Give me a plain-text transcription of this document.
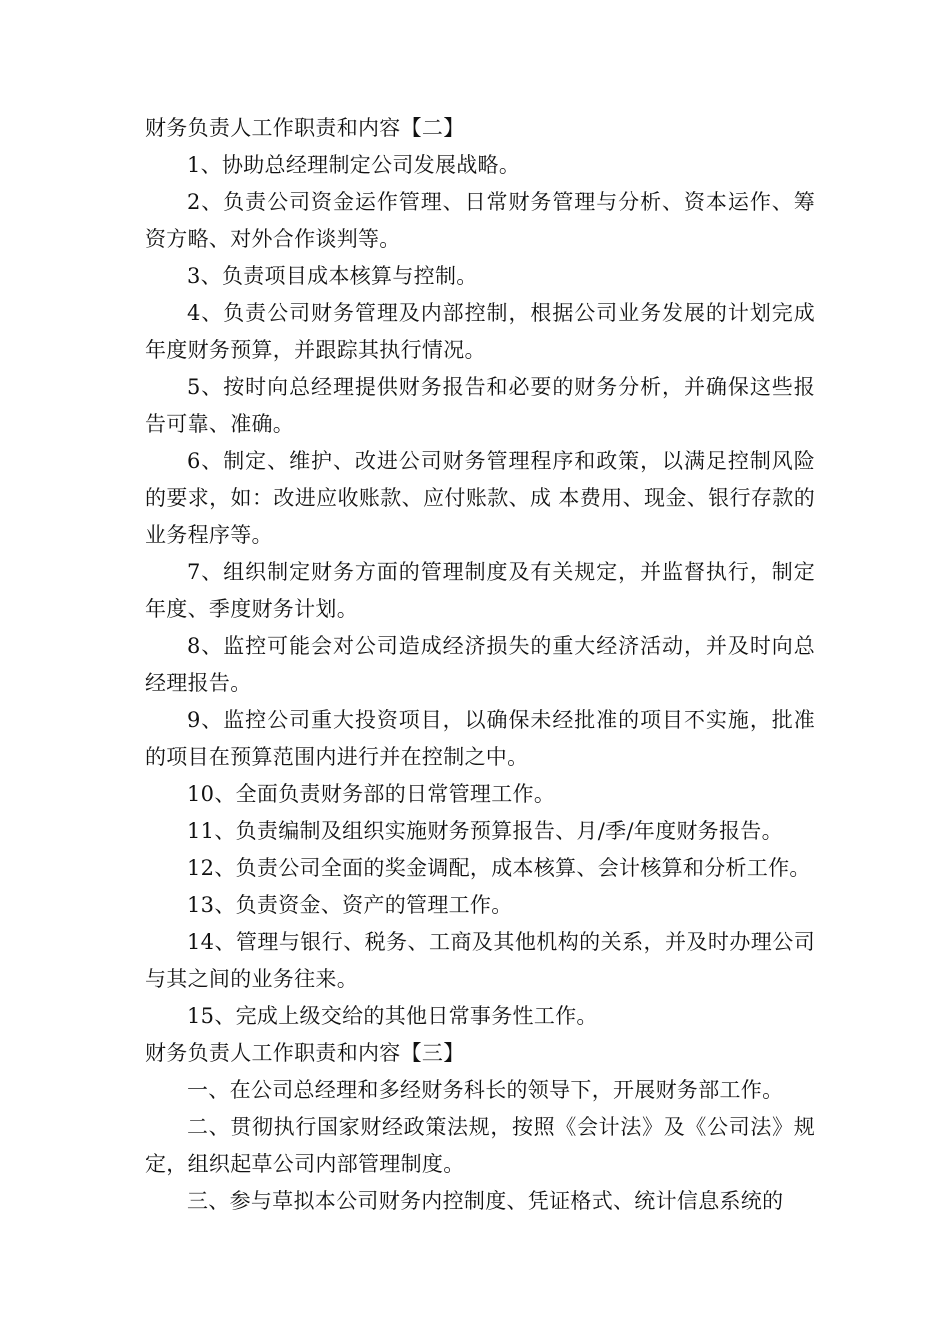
财务负责人工作职责和内容【二】

1、协助总经理制定公司发展战略。

2、负责公司资金运作管理、日常财务管理与分析、资本运作、筹资方略、对外合作谈判等。

3、负责项目成本核算与控制。

4、负责公司财务管理及内部控制，根据公司业务发展的计划完成年度财务预算，并跟踪其执行情况。

5、按时向总经理提供财务报告和必要的财务分析，并确保这些报告可靠、准确。

6、制定、维护、改进公司财务管理程序和政策，以满足控制风险的要求，如：改进应收账款、应付账款、成 本费用、现金、银行存款的业务程序等。

7、组织制定财务方面的管理制度及有关规定，并监督执行，制定年度、季度财务计划。

8、监控可能会对公司造成经济损失的重大经济活动，并及时向总经理报告。

9、监控公司重大投资项目，以确保未经批准的项目不实施，批准的项目在预算范围内进行并在控制之中。

10、全面负责财务部的日常管理工作。

11、负责编制及组织实施财务预算报告、月/季/年度财务报告。

12、负责公司全面的奖金调配，成本核算、会计核算和分析工作。

13、负责资金、资产的管理工作。

14、管理与银行、税务、工商及其他机构的关系，并及时办理公司与其之间的业务往来。

15、完成上级交给的其他日常事务性工作。

财务负责人工作职责和内容【三】

一、在公司总经理和多经财务科长的领导下，开展财务部工作。

二、贯彻执行国家财经政策法规，按照《会计法》及《公司法》规定，组织起草公司内部管理制度。

三、参与草拟本公司财务内控制度、凭证格式、统计信息系统的
